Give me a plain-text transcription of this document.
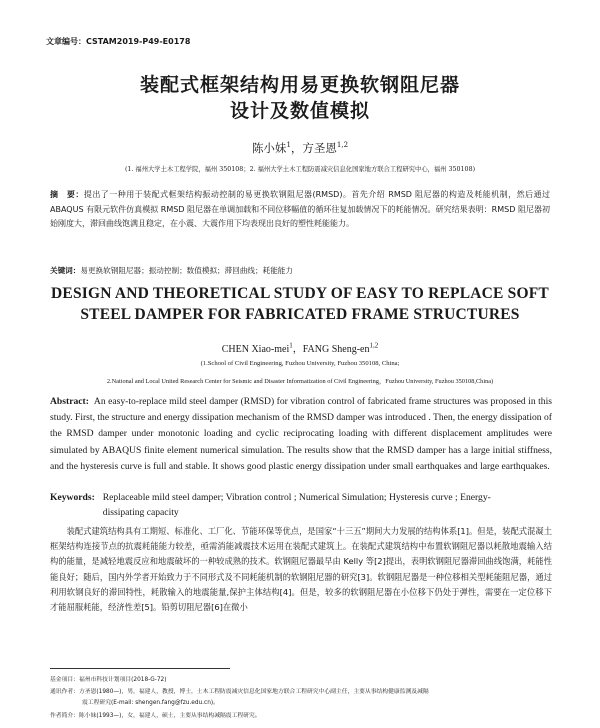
文章编号：CSTAM2019-P49-E0178
装配式框架结构用易更换软钢阻尼器
设计及数值模拟
陈小妹$^1$，方圣恩$^{1,2}$
(1. 福州大学土木工程学院，福州 350108；2. 福州大学土木工程防震减灾信息化国家地方联合工程研究中心，福州 350108)
摘　要：提出了一种用于装配式框架结构振动控制的易更换软钢阻尼器(RMSD)。首先介绍 RMSD 阻尼器的构造及耗能机制，然后通过 ABAQUS 有限元软件仿真模拟 RMSD 阻尼器在单调加载和不同位移幅值的循环往复加载情况下的耗能情况。研究结果表明：RMSD 阻尼器初始刚度大，滞回曲线饱满且稳定，在小震、大震作用下均表现出良好的塑性耗能能力。
关键词：易更换软钢阻尼器；振动控制；数值模拟；滞回曲线；耗能能力
DESIGN AND THEORETICAL STUDY OF EASY TO REPLACE SOFT
STEEL DAMPER FOR FABRICATED FRAME STRUCTURES
CHEN Xiao-mei$^1$，FANG Sheng-en$^{1,2}$
(1.School of Civil Engineering, Fuzhou University, Fuzhou 350108, China;
2.National and Local United Research Center for Seismic and Disaster Informatization of Civil Engineering，Fuzhou University, Fuzhou 350108,China)
Abstract: An easy-to-replace mild steel damper (RMSD) for vibration control of fabricated frame structures was proposed in this study. First, the structure and energy dissipation mechanism of the RMSD damper was introduced . Then, the energy dissipation of the RMSD damper under monotonic loading and cyclic reciprocating loading with different displacement amplitudes were simulated by ABAQUS finite element numerical simulation. The results show that the RMSD damper has a large initial stiffness, and the hysteresis curve is full and stable. It shows good plastic energy dissipation under small earthquakes and large earthquakes.
Keywords: Replaceable mild steel damper; Vibration control ; Numerical Simulation; Hysteresis curve ; Energy-dissipating capacity

装配式建筑结构具有工期短、标准化、工厂化、节能环保等优点，是国家“十三五”期间大力发展的结构体系[1]。但是，装配式混凝土框架结构连接节点的抗震耗能能力较差，亟需消能减震技术运用在装配式建筑上。在装配式建筑结构中布置软钢阻尼器以耗散地震输入结构的能量，是减轻地震反应和地震破坏的一种较成熟的技术。软钢阻尼器最早由 Kelly 等[2]提出，表明软钢阻尼器滞回曲线饱满，耗能性能良好；随后，国内外学者开始致力于不同形式及不同耗能机制的软钢阻尼器的研究[3]。软钢阻尼器是一种位移相关型耗能阻尼器，通过利用软钢良好的滞回特性，耗散输入的地震能量,保护主体结构[4]。但是，较多的软钢阻尼器在小位移下仍处于弹性，需要在一定位移下才能屈服耗能，经济性差[5]。铅剪切阻尼器[6]在微小

基金项目：福州市科技计划项目(2018-G-72)
通讯作者：方圣恩(1980—)，男，福建人，教授，博士，土木工程防震减灾信息化国家地方联合工程研究中心副主任，主要从事结构健康监测及减隔
震工程研究(E-mail: shengen.fang@fzu.edu.cn)。
作者简介：陈小妹(1993—)，女，福建人，硕士，主要从事结构减隔震工程研究。
